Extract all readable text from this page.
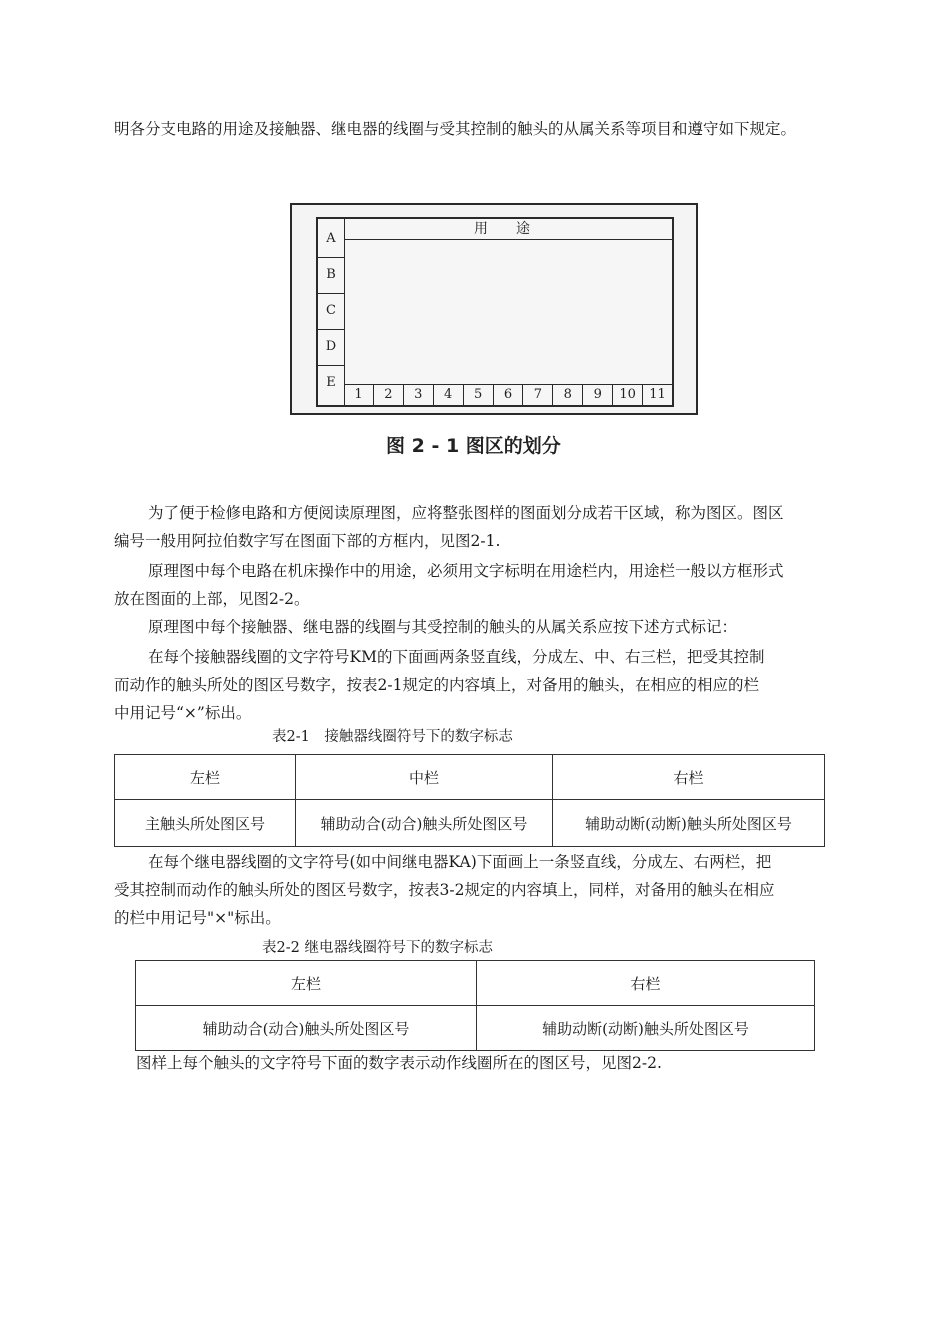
明各分支电路的用途及接触器、继电器的线圈与受其控制的触头的从属关系等项目和遵守如下规定。
A
B
C
D
E
用　　途
1	2	3	4	5	6	7	8	9	10	11
图 2 - 1 图区的划分
为了便于检修电路和方便阅读原理图，应将整张图样的图面划分成若干区域，称为图区。图区
编号一般用阿拉伯数字写在图面下部的方框内，见图2-1.
原理图中每个电路在机床操作中的用途，必须用文字标明在用途栏内，用途栏一般以方框形式
放在图面的上部，见图2-2。
原理图中每个接触器、继电器的线圈与其受控制的触头的从属关系应按下述方式标记：
在每个接触器线圈的文字符号KM的下面画两条竖直线，分成左、中、右三栏，把受其控制
而动作的触头所处的图区号数字，按表2-1规定的内容填上，对备用的触头，在相应的相应的栏
中用记号“×”标出。
表2-1　接触器线圈符号下的数字标志
左栏	中栏	右栏
主触头所处图区号	辅助动合(动合)触头所处图区号	辅助动断(动断)触头所处图区号
在每个继电器线圈的文字符号(如中间继电器KA)下面画上一条竖直线，分成左、右两栏，把
受其控制而动作的触头所处的图区号数字，按表3-2规定的内容填上，同样，对备用的触头在相应
的栏中用记号"×"标出。
表2-2 继电器线圈符号下的数字标志
左栏	右栏
辅助动合(动合)触头所处图区号	辅助动断(动断)触头所处图区号
图样上每个触头的文字符号下面的数字表示动作线圈所在的图区号，见图2-2.
